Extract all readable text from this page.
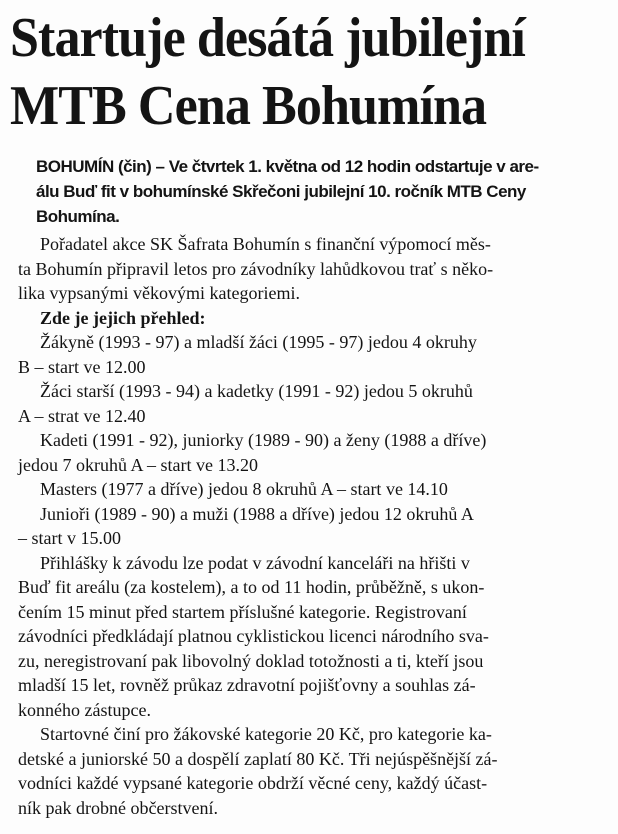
Startuje desátá jubilejní
MTB Cena Bohumína

BOHUMÍN (čin) – Ve čtvrtek 1. května od 12 hodin odstartuje v are-
álu Buď fit v bohumínské Skřečoni jubilejní 10. ročník MTB Ceny
Bohumína.

Pořadatel akce SK Šafrata Bohumín s finanční výpomocí měs-
ta Bohumín připravil letos pro závodníky lahůdkovou trať s něko-
lika vypsanými věkovými kategoriemi.
Zde je jejich přehled:
Žákyně (1993 - 97) a mladší žáci (1995 - 97) jedou 4 okruhy
B – start ve 12.00
Žáci starší (1993 - 94) a kadetky (1991 - 92) jedou 5 okruhů
A – strat ve 12.40
Kadeti (1991 - 92), juniorky (1989 - 90) a ženy (1988 a dříve)
jedou 7 okruhů A – start ve 13.20
Masters (1977 a dříve) jedou 8 okruhů A – start ve 14.10
Junioři (1989 - 90) a muži (1988 a dříve) jedou 12 okruhů A
– start v 15.00
Přihlášky k závodu lze podat v závodní kanceláři na hřišti v
Buď fit areálu (za kostelem), a to od 11 hodin, průběžně, s ukon-
čením 15 minut před startem příslušné kategorie. Registrovaní
závodníci předkládají platnou cyklistickou licenci národního sva-
zu, neregistrovaní pak libovolný doklad totožnosti a ti, kteří jsou
mladší 15 let, rovněž průkaz zdravotní pojišťovny a souhlas zá-
konného zástupce.
Startovné činí pro žákovské kategorie 20 Kč, pro kategorie ka-
detské a juniorské 50 a dospělí zaplatí 80 Kč. Tři nejúspěšnější zá-
vodníci každé vypsané kategorie obdrží věcné ceny, každý účast-
ník pak drobné občerstvení.
